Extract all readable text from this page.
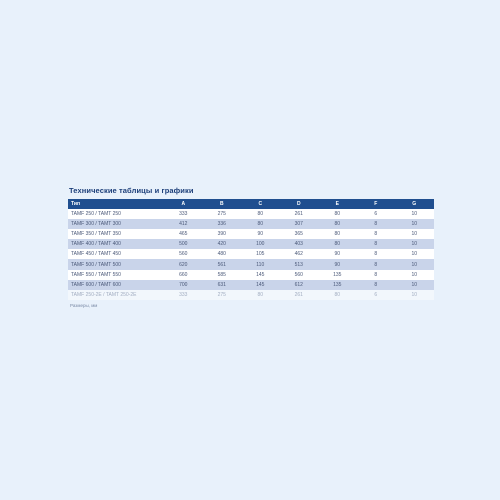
Технические таблицы и графики
Тип	A	B	C	D	E	F	G
TAMF 250 / TAMT 250	333	275	80	261	80	6	10
TAMF 300 / TAMT 300	412	336	80	307	80	8	10
TAMF 350 / TAMT 350	465	390	90	365	80	8	10
TAMF 400 / TAMT 400	500	420	100	403	80	8	10
TAMF 450 / TAMT 450	560	480	105	462	90	8	10
TAMF 500 / TAMT 500	620	561	110	513	90	8	10
TAMF 550 / TAMT 550	660	585	145	560	135	8	10
TAMF 600 / TAMT 600	700	631	145	612	135	8	10
TAMF 250-2E / TAMT 250-2E	333	275	80	261	80	6	10
Размеры, мм
